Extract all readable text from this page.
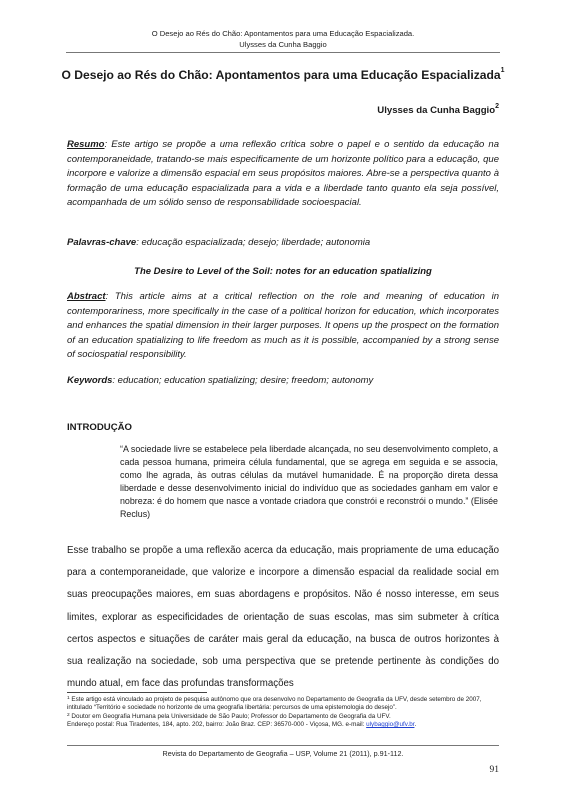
O Desejo ao Rés do Chão: Apontamentos para uma Educação Espacializada.
Ulysses da Cunha Baggio
O Desejo ao Rés do Chão: Apontamentos para uma Educação Espacializada$^1$
Ulysses da Cunha Baggio$^2$
Resumo: Este artigo se propõe a uma reflexão crítica sobre o papel e o sentido da educação na contemporaneidade, tratando-se mais especificamente de um horizonte político para a educação, que incorpore e valorize a dimensão espacial em seus propósitos maiores. Abre-se a perspectiva quanto à formação de uma educação espacializada para a vida e a liberdade tanto quanto ela seja possível, acompanhada de um sólido senso de responsabilidade socioespacial.
Palavras-chave: educação espacializada; desejo; liberdade; autonomia
The Desire to Level of the Soil: notes for an education spatializing
Abstract: This article aims at a critical reflection on the role and meaning of education in contemporariness, more specifically in the case of a political horizon for education, which incorporates and enhances the spatial dimension in their larger purposes. It opens up the prospect on the formation of an education spatializing to life freedom as much as it is possible, accompanied by a strong sense of sociospatial responsibility.
Keywords: education; education spatializing; desire; freedom; autonomy
INTRODUÇÃO
“A sociedade livre se estabelece pela liberdade alcançada, no seu desenvolvimento completo, a cada pessoa humana, primeira célula fundamental, que se agrega em seguida e se associa, como lhe agrada, às outras células da mutável humanidade. É na proporção direta dessa liberdade e desse desenvolvimento inicial do indivíduo que as sociedades ganham em valor e nobreza: é do homem que nasce a vontade criadora que constrói e reconstrói o mundo.” (Elisée Reclus)
Esse trabalho se propõe a uma reflexão acerca da educação, mais propriamente de uma educação para a contemporaneidade, que valorize e incorpore a dimensão espacial da realidade social em suas preocupações maiores, em suas abordagens e propósitos. Não é nosso interesse, em seus limites, explorar as especificidades de orientação de suas escolas, mas sim submeter à crítica certos aspectos e situações de caráter mais geral da educação, na busca de outros horizontes à sua realização na sociedade, sob uma perspectiva que se pretende pertinente às condições do mundo atual, em face das profundas transformações
$^1$ Este artigo está vinculado ao projeto de pesquisa autônomo que ora desenvolvo no Departamento de Geografia da UFV, desde setembro de 2007, intitulado “Território e sociedade no horizonte de uma geografia libertária: percursos de uma epistemologia do desejo”.
$^2$ Doutor em Geografia Humana pela Universidade de São Paulo; Professor do Departamento de Geografia da UFV.
Endereço postal: Rua Tiradentes, 184, apto. 202, bairro: João Braz. CEP: 36570-000 - Viçosa, MG. e-mail: ulybaggio@ufv.br.
Revista do Departamento de Geografia – USP, Volume 21 (2011), p.91-112.
91
